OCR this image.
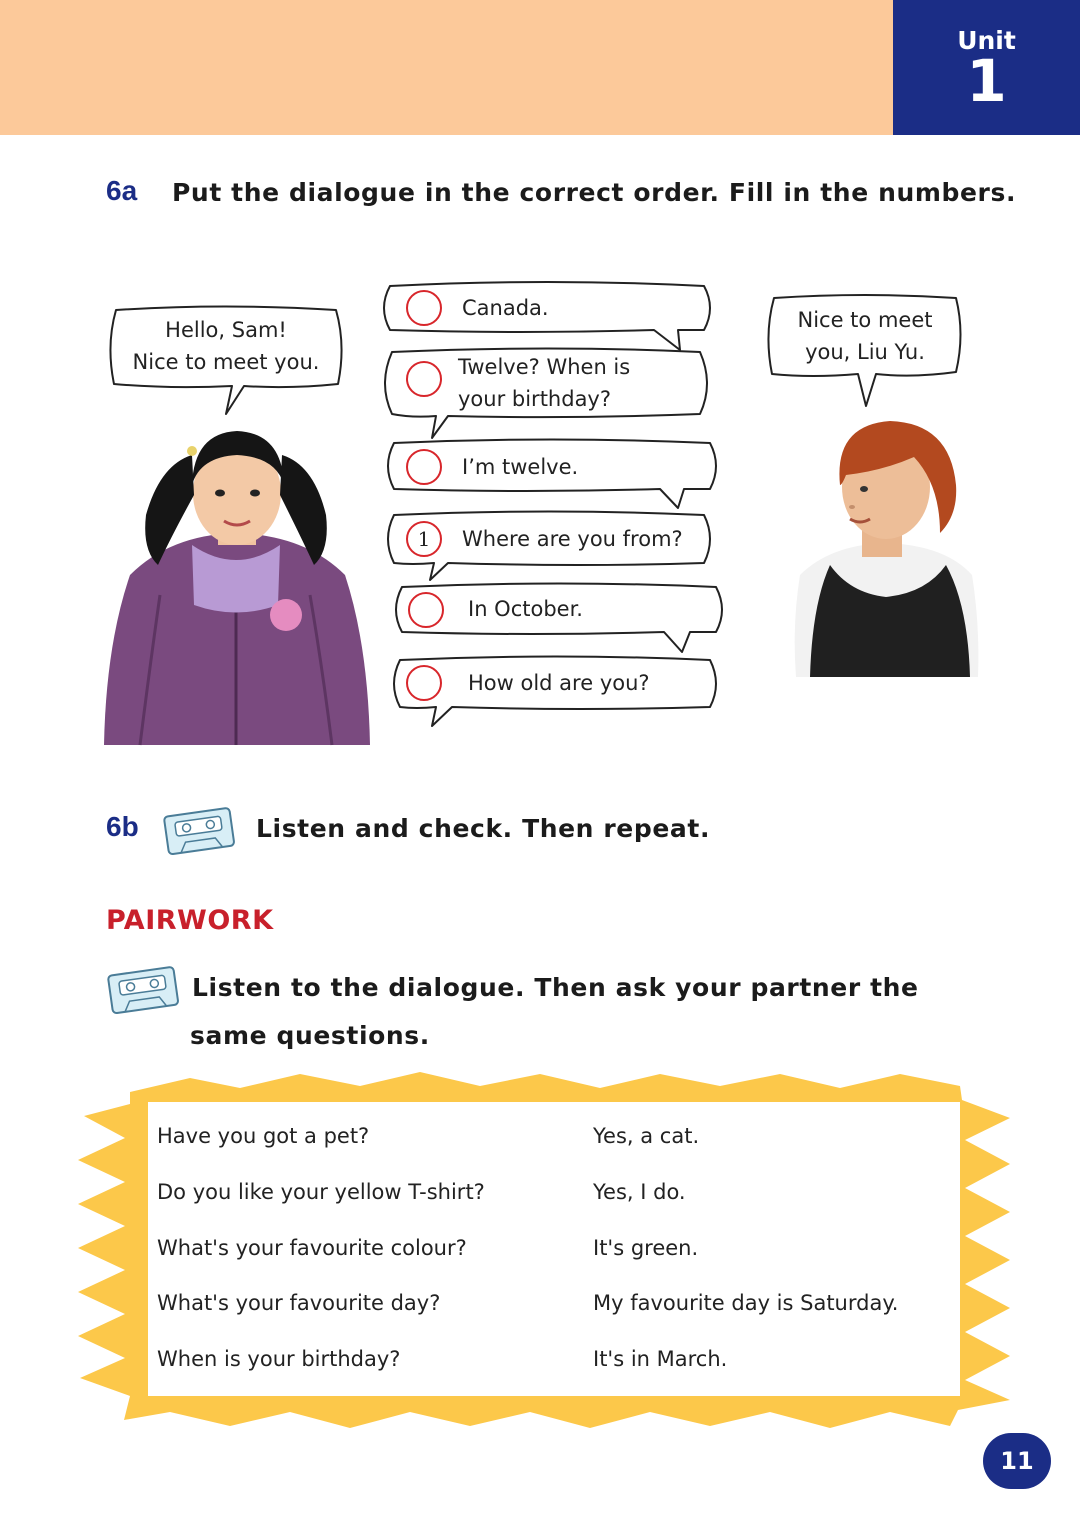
Unit
1
6a Put the dialogue in the correct order. Fill in the numbers.
Hello, Sam!
Nice to meet you.
Nice to meet
you, Liu Yu.
Canada.
Twelve? When is
your birthday?
I’m twelve.
1	Where are you from?
In October.
How old are you?
6b	Listen and check. Then repeat.
PAIRWORK
Listen to the dialogue. Then ask your partner the
same questions.
Have you got a pet?	Yes, a cat.
Do you like your yellow T-shirt?	Yes, I do.
What's your favourite colour?	It's green.
What's your favourite day?	My favourite day is Saturday.
When is your birthday?	It's in March.
11
